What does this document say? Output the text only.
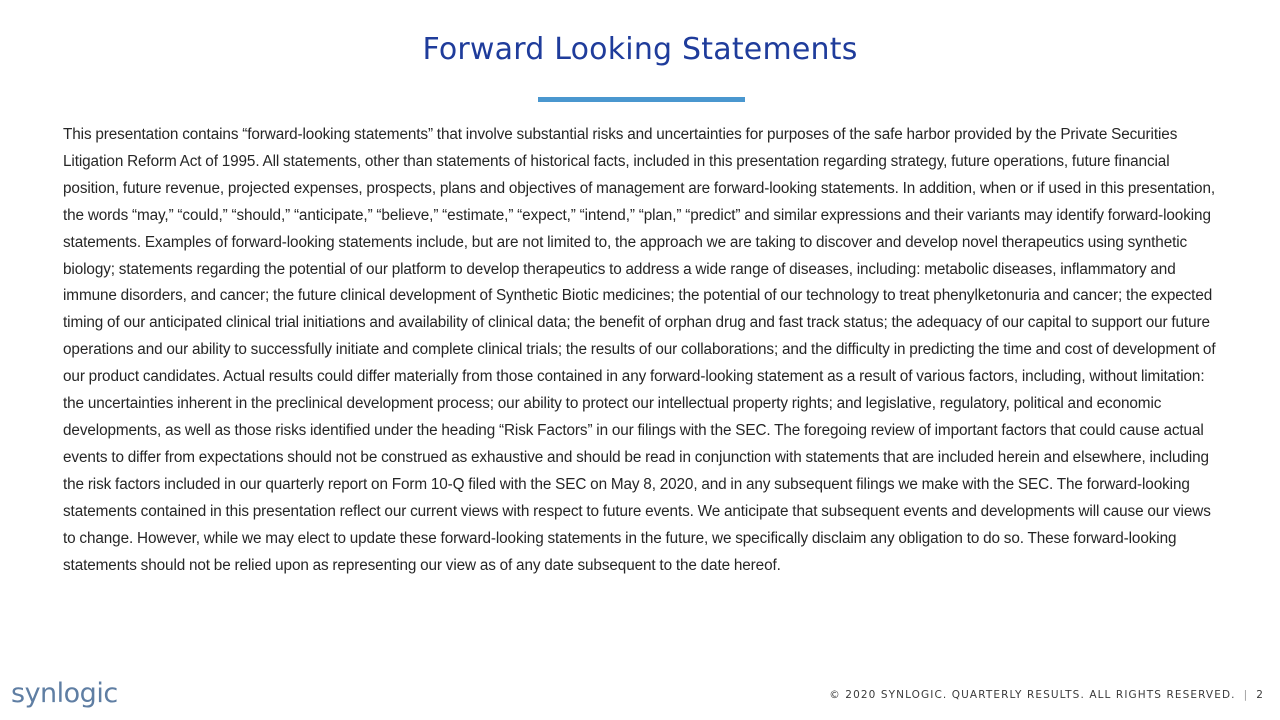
Forward Looking Statements

This presentation contains “forward-looking statements” that involve substantial risks and uncertainties for purposes of the safe harbor provided by the Private Securities Litigation Reform Act of 1995. All statements, other than statements of historical facts, included in this presentation regarding strategy, future operations, future financial position, future revenue, projected expenses, prospects, plans and objectives of management are forward-looking statements. In addition, when or if used in this presentation, the words “may,” “could,” “should,” “anticipate,” “believe,” “estimate,” “expect,” “intend,” “plan,” “predict” and similar expressions and their variants may identify forward-looking statements. Examples of forward-looking statements include, but are not limited to, the approach we are taking to discover and develop novel therapeutics using synthetic biology; statements regarding the potential of our platform to develop therapeutics to address a wide range of diseases, including: metabolic diseases, inflammatory and immune disorders, and cancer; the future clinical development of Synthetic Biotic medicines; the potential of our technology to treat phenylketonuria and cancer; the expected timing of our anticipated clinical trial initiations and availability of clinical data; the benefit of orphan drug and fast track status; the adequacy of our capital to support our future operations and our ability to successfully initiate and complete clinical trials; the results of our collaborations; and the difficulty in predicting the time and cost of development of our product candidates. Actual results could differ materially from those contained in any forward-looking statement as a result of various factors, including, without limitation: the uncertainties inherent in the preclinical development process; our ability to protect our intellectual property rights; and legislative, regulatory, political and economic developments, as well as those risks identified under the heading “Risk Factors” in our filings with the SEC. The foregoing review of important factors that could cause actual events to differ from expectations should not be construed as exhaustive and should be read in conjunction with statements that are included herein and elsewhere, including the risk factors included in our quarterly report on Form 10-Q filed with the SEC on May 8, 2020, and in any subsequent filings we make with the SEC. The forward-looking statements contained in this presentation reflect our current views with respect to future events. We anticipate that subsequent events and developments will cause our views to change. However, while we may elect to update these forward-looking statements in the future, we specifically disclaim any obligation to do so. These forward-looking statements should not be relied upon as representing our view as of any date subsequent to the date hereof.

synlogic	© 2020 SYNLOGIC. QUARTERLY RESULTS. ALL RIGHTS RESERVED. | 2
